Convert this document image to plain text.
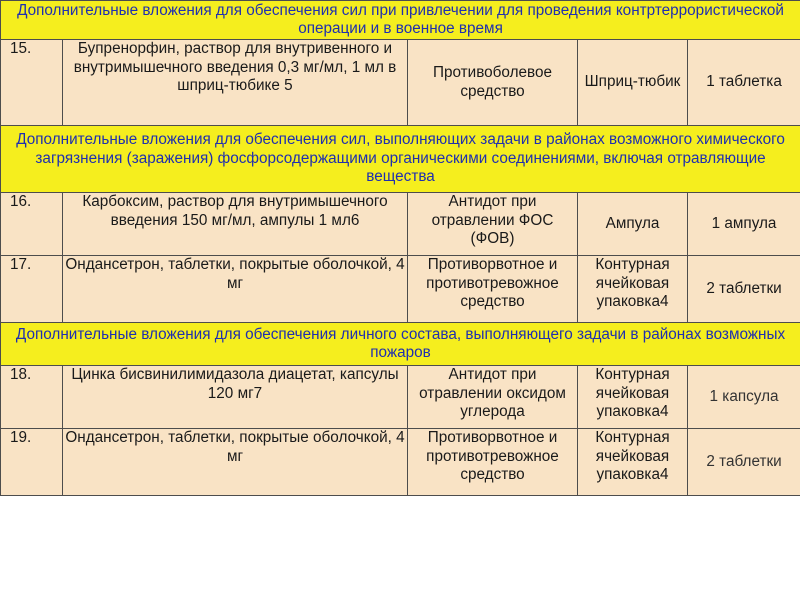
Дополнительные вложения для обеспечения сил при привлечении для проведения контртеррористической операции и в военное время				
15.	Бупренорфин, раствор для внутривенного и внутримышечного введения 0,3 мг/мл, 1 мл в шприц-тюбике 5	Противоболевое средство	Шприц-тюбик	1 таблетка
Дополнительные вложения для обеспечения сил, выполняющих задачи в районах возможного химического загрязнения (заражения) фосфорсодержащими органическими соединениями, включая отравляющие вещества				
16.	Карбоксим, раствор для внутримышечного введения 150 мг/мл, ампулы 1 мл6	Антидот при отравлении ФОС (ФОВ)	Ампула	1 ампула
17.	Ондансетрон, таблетки, покрытые оболочкой, 4 мг	Противорвотное и противотревожное средство	Контурная ячейковая упаковка4	2 таблетки
Дополнительные вложения для обеспечения личного состава, выполняющего задачи в районах возможных пожаров				
18.	Цинка бисвинилимидазола диацетат, капсулы 120 мг7	Антидот при отравлении оксидом углерода	Контурная ячейковая упаковка4	1 капсула
19.	Ондансетрон, таблетки, покрытые оболочкой, 4 мг	Противорвотное и противотревожное средство	Контурная ячейковая упаковка4	2 таблетки
